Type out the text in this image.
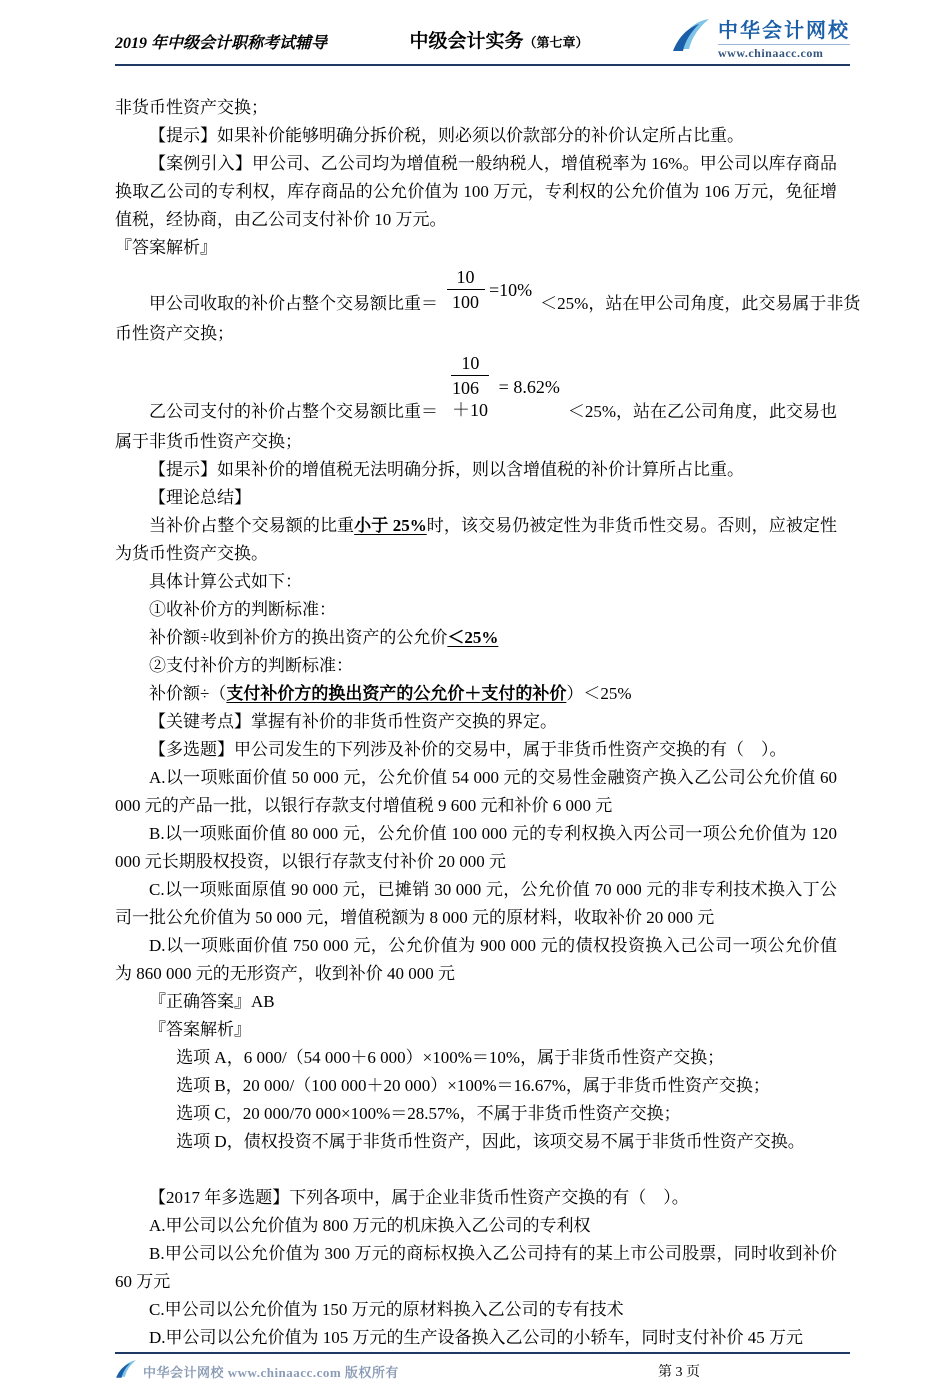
2019 年中级会计职称考试辅导	中级会计实务（第七章）
中华会计网校
www.chinaacc.com

非货币性资产交换；

【提示】如果补价能够明确分拆价税，则必须以价款部分的补价认定所占比重。

【案例引入】甲公司、乙公司均为增值税一般纳税人，增值税率为 16%。甲公司以库存商品换取乙公司的专利权，库存商品的公允价值为 100 万元，专利权的公允价值为 106 万元，免征增值税，经协商，由乙公司支付补价 10 万元。

『答案解析』

甲公司收取的补价占整个交易额比重＝ $\frac{10}{100} =10\%$
＜25%，站在甲公司角度，此交易属于非货

币性资产交换；

乙公司支付的补价占整个交易额比重＝ $\frac{10}{106+10} = 8.62\%$
＜25%，站在乙公司角度，此交易也

属于非货币性资产交换；

【提示】如果补价的增值税无法明确分拆，则以含增值税的补价计算所占比重。

【理论总结】

当补价占整个交易额的比重小于 25%时，该交易仍被定性为非货币性交易。否则，应被定性为货币性资产交换。

具体计算公式如下：

①收补价方的判断标准：

补价额÷收到补价方的换出资产的公允价＜25%

②支付补价方的判断标准：

补价额÷（支付补价方的换出资产的公允价＋支付的补价）＜25%

【关键考点】掌握有补价的非货币性资产交换的界定。

【多选题】甲公司发生的下列涉及补价的交易中，属于非货币性资产交换的有（　）。

A.以一项账面价值 50 000 元，公允价值 54 000 元的交易性金融资产换入乙公司公允价值 60 000 元的产品一批，以银行存款支付增值税 9 600 元和补价 6 000 元

B.以一项账面价值 80 000 元，公允价值 100 000 元的专利权换入丙公司一项公允价值为 120 000 元长期股权投资，以银行存款支付补价 20 000 元

C.以一项账面原值 90 000 元，已摊销 30 000 元，公允价值 70 000 元的非专利技术换入丁公司一批公允价值为 50 000 元，增值税额为 8 000 元的原材料，收取补价 20 000 元

D.以一项账面价值 750 000 元，公允价值为 900 000 元的债权投资换入己公司一项公允价值为 860 000 元的无形资产，收到补价 40 000 元

『正确答案』AB

『答案解析』

选项 A，6 000/（54 000＋6 000）×100%＝10%，属于非货币性资产交换；

选项 B，20 000/（100 000＋20 000）×100%＝16.67%，属于非货币性资产交换；

选项 C，20 000/70 000×100%＝28.57%，不属于非货币性资产交换；

选项 D，债权投资不属于非货币性资产，因此，该项交易不属于非货币性资产交换。

【2017 年多选题】下列各项中，属于企业非货币性资产交换的有（　）。

A.甲公司以公允价值为 800 万元的机床换入乙公司的专利权

B.甲公司以公允价值为 300 万元的商标权换入乙公司持有的某上市公司股票，同时收到补价 60 万元

C.甲公司以公允价值为 150 万元的原材料换入乙公司的专有技术

D.甲公司以公允价值为 105 万元的生产设备换入乙公司的小轿车，同时支付补价 45 万元

中华会计网校 www.chinaacc.com 版权所有	第 3 页
